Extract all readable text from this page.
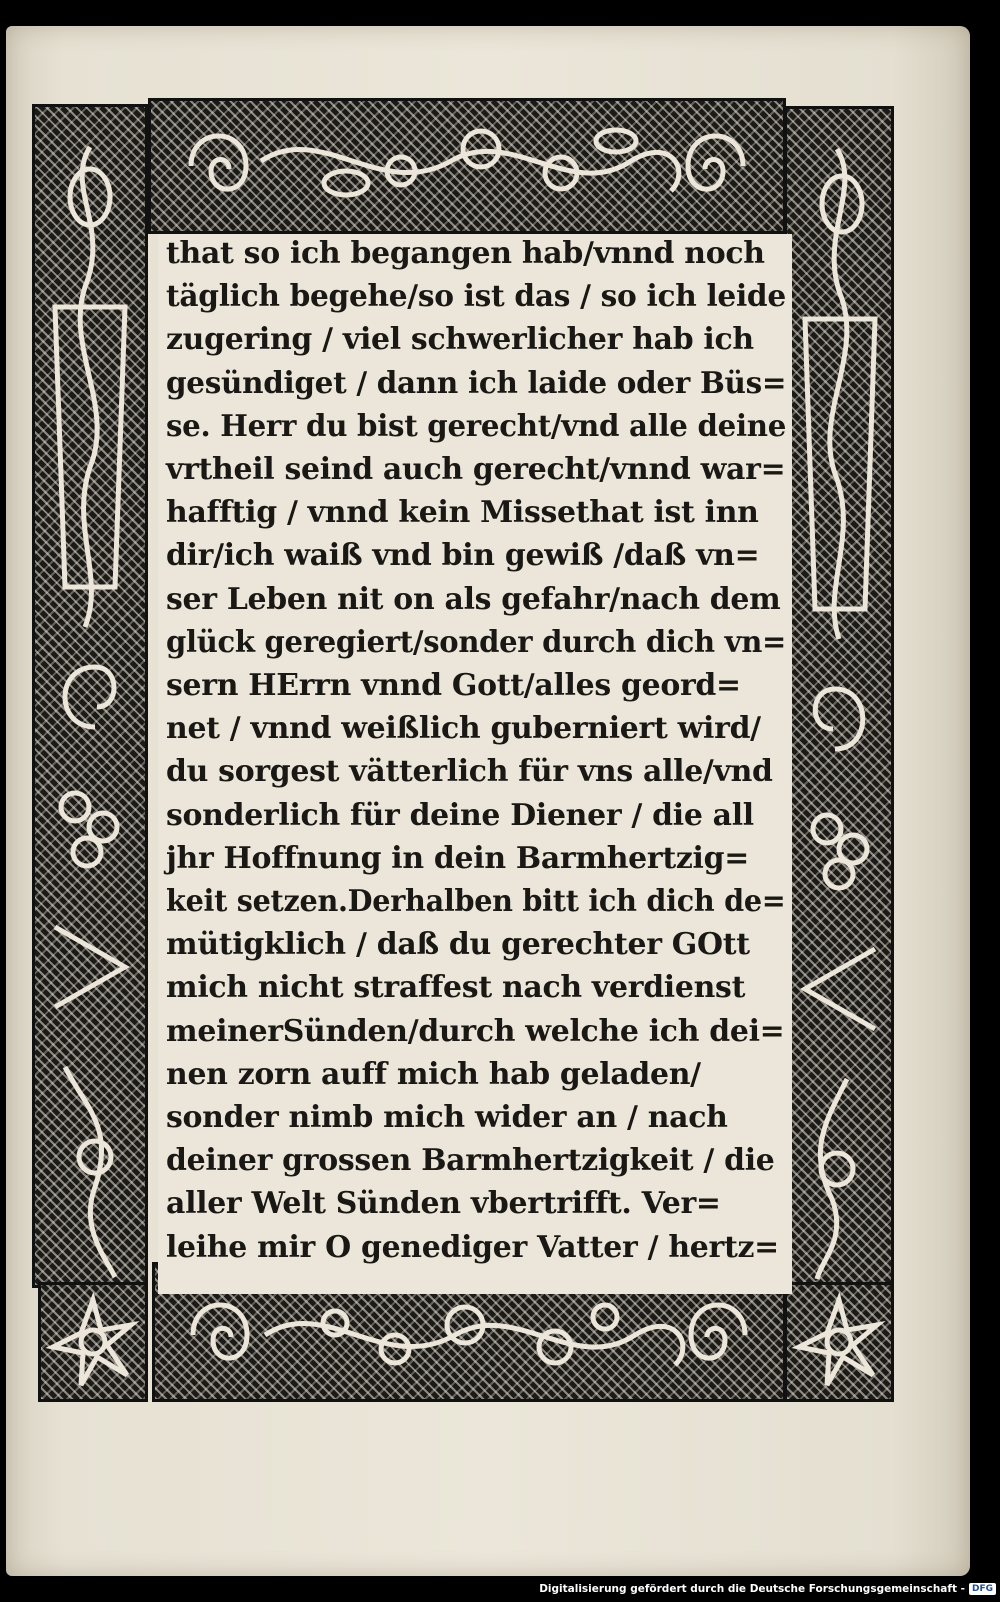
that so ich begangen hab/vnnd noch
täglich begehe/so ist das / so ich leide
zugering / viel schwerlicher hab ich
gesündiget / dann ich laide oder Büs=
se. Herr du bist gerecht/vnd alle deine
vrtheil seind auch gerecht/vnnd war=
hafftig / vnnd kein Missethat ist inn
dir/ich waiß vnd bin gewiß /daß vn=
ser Leben nit on als gefahr/nach dem
glück geregiert/sonder durch dich vn=
sern HErrn vnnd Gott/alles geord=
net / vnnd weißlich guberniert wird/
du sorgest vätterlich für vns alle/vnd
sonderlich für deine Diener / die all
jhr Hoffnung in dein Barmhertzig=
keit setzen.Derhalben bitt ich dich de=
mütigklich / daß du gerechter GOtt
mich nicht straffest nach verdienst
meinerSünden/durch welche ich dei=
nen zorn auff mich hab geladen/
sonder nimb mich wider an / nach
deiner grossen Barmhertzigkeit / die
aller Welt Sünden vbertrifft. Ver=
leihe mir O genediger Vatter / hertz=
Digitalisierung gefördert durch die Deutsche Forschungsgemeinschaft - DFG
